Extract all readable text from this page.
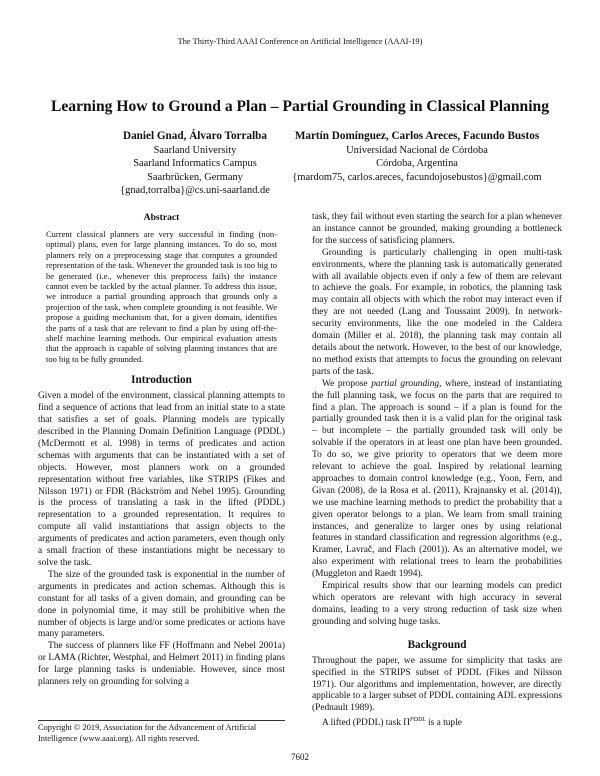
The Thirty-Third AAAI Conference on Artificial Intelligence (AAAI-19)
Learning How to Ground a Plan – Partial Grounding in Classical Planning
Daniel Gnad, Álvaro Torralba
Saarland University
Saarland Informatics Campus
Saarbrücken, Germany
{gnad,torralba}@cs.uni-saarland.de
Martín Domínguez, Carlos Areces, Facundo Bustos
Universidad Nacional de Córdoba
Córdoba, Argentina
{mardom75, carlos.areces, facundojosebustos}@gmail.com
Abstract
Current classical planners are very successful in finding (non-optimal) plans, even for large planning instances. To do so, most planners rely on a preprocessing stage that computes a grounded representation of the task. Whenever the grounded task is too big to be generated (i.e., whenever this preprocess fails) the instance cannot even be tackled by the actual planner. To address this issue, we introduce a partial grounding approach that grounds only a projection of the task, when complete grounding is not feasible. We propose a guiding mechanism that, for a given domain, identifies the parts of a task that are relevant to find a plan by using off-the-shelf machine learning methods. Our empirical evaluation attests that the approach is capable of solving planning instances that are too big to be fully grounded.
Introduction

Given a model of the environment, classical planning attempts to find a sequence of actions that lead from an initial state to a state that satisfies a set of goals. Planning models are typically described in the Planning Domain Definition Language (PDDL) (McDermott et al. 1998) in terms of predicates and action schemas with arguments that can be instantiated with a set of objects. However, most planners work on a grounded representation without free variables, like STRIPS (Fikes and Nilsson 1971) or FDR (Bäckström and Nebel 1995). Grounding is the process of translating a task in the lifted (PDDL) representation to a grounded representation. It requires to compute all valid instantiations that assign objects to the arguments of predicates and action parameters, even though only a small fraction of these instantiations might be necessary to solve the task.

The size of the grounded task is exponential in the number of arguments in predicates and action schemas. Although this is constant for all tasks of a given domain, and grounding can be done in polynomial time, it may still be prohibitive when the number of objects is large and/or some predicates or actions have many parameters.

The success of planners like FF (Hoffmann and Nebel 2001a) or LAMA (Richter, Westphal, and Helmert 2011) in finding plans for large planning tasks is undeniable. However, since most planners rely on grounding for solving a

Copyright © 2019, Association for the Advancement of Artificial Intelligence (www.aaai.org). All rights reserved.

task, they fail without even starting the search for a plan whenever an instance cannot be grounded, making grounding a bottleneck for the success of satisficing planners.

Grounding is particularly challenging in open multi-task environments, where the planning task is automatically generated with all available objects even if only a few of them are relevant to achieve the goals. For example, in robotics, the planning task may contain all objects with which the robot may interact even if they are not needed (Lang and Toussaint 2009). In network-security environments, like the one modeled in the Caldera domain (Miller et al. 2018), the planning task may contain all details about the network. However, to the best of our knowledge, no method exists that attempts to focus the grounding on relevant parts of the task.

We propose partial grounding, where, instead of instantiating the full planning task, we focus on the parts that are required to find a plan. The approach is sound – if a plan is found for the partially grounded task then it is a valid plan for the original task – but incomplete – the partially grounded task will only be solvable if the operators in at least one plan have been grounded. To do so, we give priority to operators that we deem more relevant to achieve the goal. Inspired by relational learning approaches to domain control knowledge (e.g., Yoon, Fern, and Givan (2008), de la Rosa et al. (2011), Krajnansky et al. (2014)), we use machine learning methods to predict the probability that a given operator belongs to a plan. We learn from small training instances, and generalize to larger ones by using relational features in standard classification and regression algorithms (e.g., Kramer, Lavrač, and Flach (2001)). As an alternative model, we also experiment with relational trees to learn the probabilities (Muggleton and Raedt 1994).

Empirical results show that our learning models can predict which operators are relevant with high accuracy in several domains, leading to a very strong reduction of task size when grounding and solving huge tasks.

Background

Throughout the paper, we assume for simplicity that tasks are specified in the STRIPS subset of PDDL (Fikes and Nilsson 1971). Our algorithms and implementation, however, are directly applicable to a larger subset of PDDL containing ADL expressions (Pednault 1989).

A lifted (PDDL) task $\Pi^{PDDL}$ is a tuple

7602
